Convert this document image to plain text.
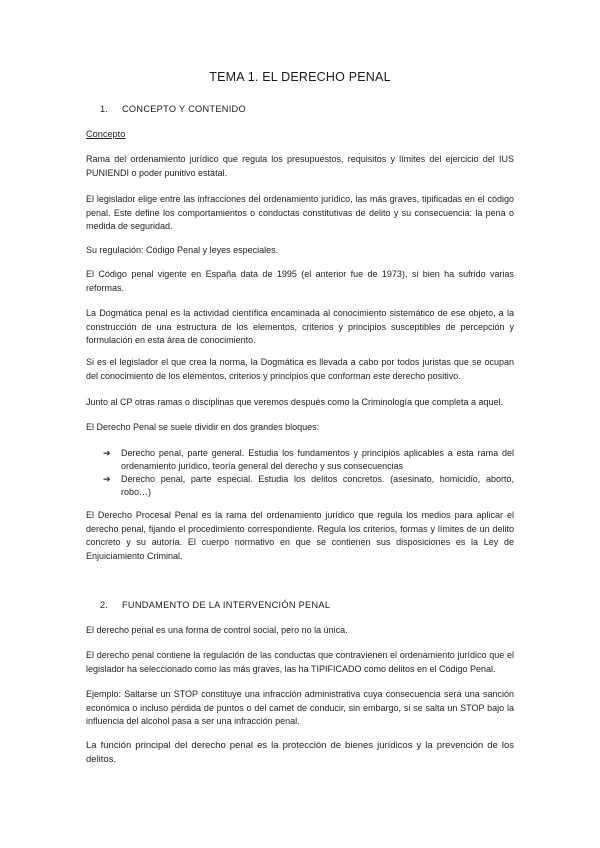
TEMA 1. EL DERECHO PENAL
1. CONCEPTO Y CONTENIDO
Concepto
Rama del ordenamiento jurídico que regula los presupuestos, requisitos y límites del ejercicio del IUS PUNIENDI o poder punitivo estatal.
El legislador elige entre las infracciones del ordenamiento jurídico, las más graves, tipificadas en el código penal. Este define los comportamientos o conductas constitutivas de delito y su consecuencia: la pena o medida de seguridad.
Su regulación: Código Penal y leyes especiales.
El Código penal vigente en España data de 1995 (el anterior fue de 1973), si bien ha sufrido varias reformas.
La Dogmática penal es la actividad científica encaminada al conocimiento sistemático de ese objeto, a la construcción de una estructura de los elementos, criterios y principios susceptibles de percepción y formulación en esta área de conocimiento.
Si es el legislador el que crea la norma, la Dogmática es llevada a cabo por todos juristas que se ocupan del conocimiento de los elementos, criterios y principios que conforman este derecho positivo.
Junto al CP otras ramas o disciplinas que veremos después como la Criminología que completa a aquel.
El Derecho Penal se suele dividir en dos grandes bloques:
➔ Derecho penal, parte general. Estudia los fundamentos y principios aplicables a esta rama del ordenamiento jurídico, teoría general del derecho y sus consecuencias
➔ Derecho penal, parte especial. Estudia los delitos concretos. (asesinato, homicidio, aborto, robo…)
El Derecho Procesal Penal es la rama del ordenamiento jurídico que regula los medios para aplicar el derecho penal, fijando el procedimiento correspondiente. Regula los criterios, formas y límites de un delito concreto y su autoría. El cuerpo normativo en que se contienen sus disposiciones es la Ley de Enjuiciamiento Criminal.
2. FUNDAMENTO DE LA INTERVENCIÓN PENAL
El derecho penal es una forma de control social, pero no la única.
El derecho penal contiene la regulación de las conductas que contravienen el ordenamiento jurídico que el legislador ha seleccionado como las más graves, las ha TIPIFICADO como delitos en el Código Penal.
Ejemplo: Saltarse un STOP constituye una infracción administrativa cuya consecuencia será una sanción económica o incluso pérdida de puntos o del carnet de conducir, sin embargo, si se salta un STOP bajo la influencia del alcohol pasa a ser una infracción penal.
La función principal del derecho penal es la protección de bienes jurídicos y la prevención de los delitos.
